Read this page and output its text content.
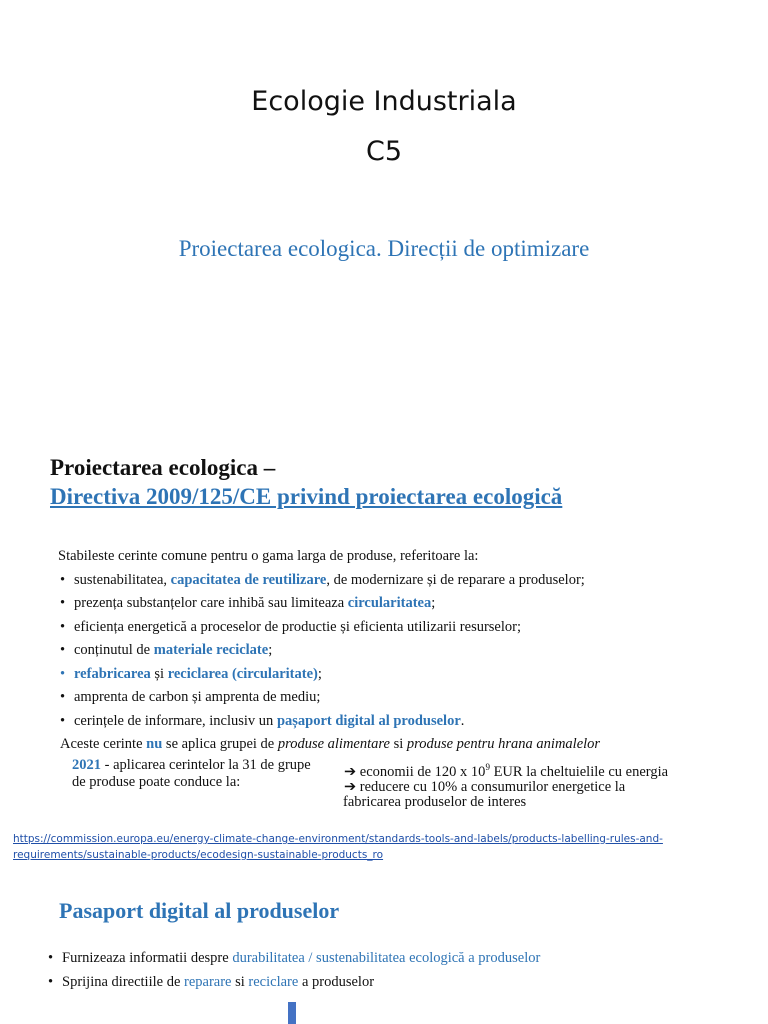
Ecologie Industriala
C5
Proiectarea ecologica. Direcții de optimizare
Proiectarea ecologica –
Directiva 2009/125/CE privind proiectarea ecologică
Stabileste cerinte comune pentru o gama larga de produse, referitoare la:
• sustenabilitatea, capacitatea de reutilizare, de modernizare și de reparare a produselor;
• prezența substanțelor care inhibă sau limiteaza circularitatea;
• eficiența energetică a proceselor de productie și eficienta utilizarii resurselor;
• conținutul de materiale reciclate;
• refabricarea și reciclarea (circularitate);
• amprenta de carbon și amprenta de mediu;
• cerințele de informare, inclusiv un pașaport digital al produselor.
Aceste cerinte nu se aplica grupei de produse alimentare si produse pentru hrana animalelor
2021 - aplicarea cerintelor la 31 de grupe
de produse poate conduce la:
➔ economii de 120 x $10^9$ EUR la cheltuielile cu energia
➔ reducere cu 10% a consumurilor energetice la
fabricarea produselor de interes
https://commission.europa.eu/energy-climate-change-environment/standards-tools-and-labels/products-labelling-rules-and-
requirements/sustainable-products/ecodesign-sustainable-products_ro
Pasaport digital al produselor
• Furnizeaza informatii despre durabilitatea / sustenabilitatea ecologică a produselor
• Sprijina directiile de reparare si reciclare a produselor
